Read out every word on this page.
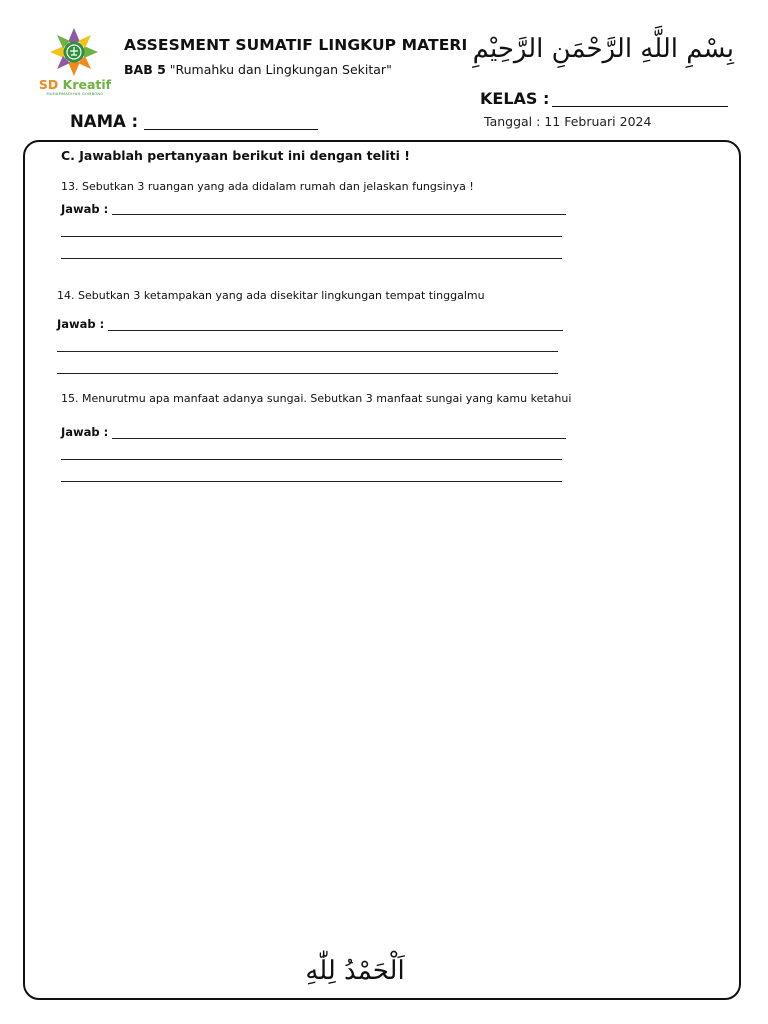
SD Kreatif
MUHAMMADIYAH GOMBONG
ASSESMENT SUMATIF LINGKUP MATERI
BAB 5 "Rumahku dan Lingkungan Sekitar"
بِسْمِ اللَّهِ الرَّحْمَنِ الرَّحِيْمِ
KELAS :
Tanggal : 11 Februari 2024
NAMA :
C. Jawablah pertanyaan berikut ini dengan teliti !
13. Sebutkan 3 ruangan yang ada didalam rumah dan jelaskan fungsinya !
Jawab :
14. Sebutkan 3 ketampakan yang ada disekitar lingkungan tempat tinggalmu
Jawab :
15. Menurutmu apa manfaat adanya sungai. Sebutkan 3 manfaat sungai yang kamu ketahui
Jawab :
اَلْحَمْدُ لِلّٰهِ
